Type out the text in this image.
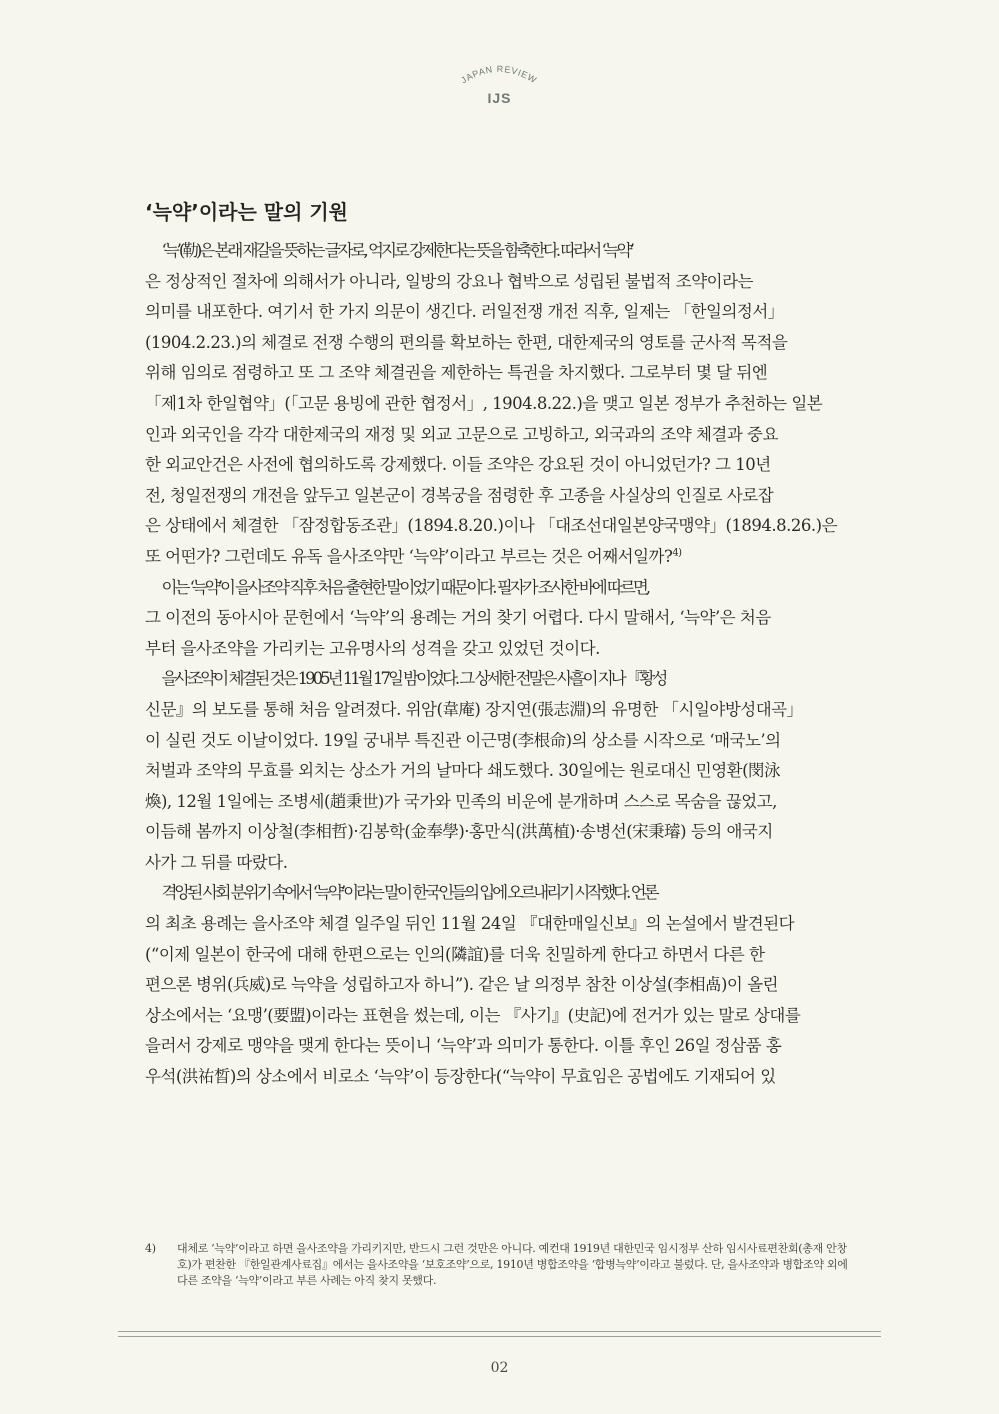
JAPAN REVIEW
IJS
‘늑약’이라는 말의 기원

‘늑’(勒)은 본래 재갈을 뜻하는 글자로, 억지로 강제한다는 뜻을 함축한다. 따라서 ‘늑약’
은 정상적인 절차에 의해서가 아니라, 일방의 강요나 협박으로 성립된 불법적 조약이라는
의미를 내포한다. 여기서 한 가지 의문이 생긴다. 러일전쟁 개전 직후, 일제는 「한일의정서」
(1904.2.23.)의 체결로 전쟁 수행의 편의를 확보하는 한편, 대한제국의 영토를 군사적 목적을
위해 임의로 점령하고 또 그 조약 체결권을 제한하는 특권을 차지했다. 그로부터 몇 달 뒤엔
「제1차 한일협약」(「고문 용빙에 관한 협정서」, 1904.8.22.)을 맺고 일본 정부가 추천하는 일본
인과 외국인을 각각 대한제국의 재정 및 외교 고문으로 고빙하고, 외국과의 조약 체결과 중요
한 외교안건은 사전에 협의하도록 강제했다. 이들 조약은 강요된 것이 아니었던가? 그 10년
전, 청일전쟁의 개전을 앞두고 일본군이 경복궁을 점령한 후 고종을 사실상의 인질로 사로잡
은 상태에서 체결한 「잠정합동조관」(1894.8.20.)이나 「대조선대일본양국맹약」(1894.8.26.)은
또 어떤가? 그런데도 유독 을사조약만 ‘늑약’이라고 부르는 것은 어째서일까?$^{4)}$

이는 ‘늑약’이 을사조약 직후 처음 출현한 말이었기 때문이다. 필자가 조사한 바에 따르면,
그 이전의 동아시아 문헌에서 ‘늑약’의 용례는 거의 찾기 어렵다. 다시 말해서, ‘늑약’은 처음
부터 을사조약을 가리키는 고유명사의 성격을 갖고 있었던 것이다.

을사조약이 체결된 것은 1905년 11월 17일 밤이었다. 그 상세한 전말은 사흘이 지나 『황성
신문』의 보도를 통해 처음 알려졌다. 위암(韋庵) 장지연(張志淵)의 유명한 「시일야방성대곡」
이 실린 것도 이날이었다. 19일 궁내부 특진관 이근명(李根命)의 상소를 시작으로 ‘매국노’의
처벌과 조약의 무효를 외치는 상소가 거의 날마다 쇄도했다. 30일에는 원로대신 민영환(閔泳
煥), 12월 1일에는 조병세(趙秉世)가 국가와 민족의 비운에 분개하며 스스로 목숨을 끊었고,
이듬해 봄까지 이상철(李相哲)·김봉학(金奉學)·홍만식(洪萬植)·송병선(宋秉璿) 등의 애국지
사가 그 뒤를 따랐다.

격앙된 사회 분위기 속에서 ‘늑약’이라는 말이 한국인들의 입에 오르내리기 시작했다. 언론
의 최초 용례는 을사조약 체결 일주일 뒤인 11월 24일 『대한매일신보』의 논설에서 발견된다
(“이제 일본이 한국에 대해 한편으로는 인의(隣誼)를 더욱 친밀하게 한다고 하면서 다른 한
편으론 병위(兵威)로 늑약을 성립하고자 하니”). 같은 날 의정부 참찬 이상설(李相卨)이 올린
상소에서는 ‘요맹’(要盟)이라는 표현을 썼는데, 이는 『사기』(史記)에 전거가 있는 말로 상대를
을러서 강제로 맹약을 맺게 한다는 뜻이니 ‘늑약’과 의미가 통한다. 이틀 후인 26일 정삼품 홍
우석(洪祐晳)의 상소에서 비로소 ‘늑약’이 등장한다(“늑약이 무효임은 공법에도 기재되어 있

4) 대체로 ‘늑약’이라고 하면 을사조약을 가리키지만, 반드시 그런 것만은 아니다. 예컨대 1919년 대한민국 임시정부 산하 임시사료편찬회(총재 안창호)가 편찬한 『한일관계사료집』에서는 을사조약을 ‘보호조약’으로, 1910년 병합조약을 ‘합병늑약’이라고 불렀다. 단, 을사조약과 병합조약 외에 다른 조약을 ‘늑약’이라고 부른 사례는 아직 찾지 못했다.
02
